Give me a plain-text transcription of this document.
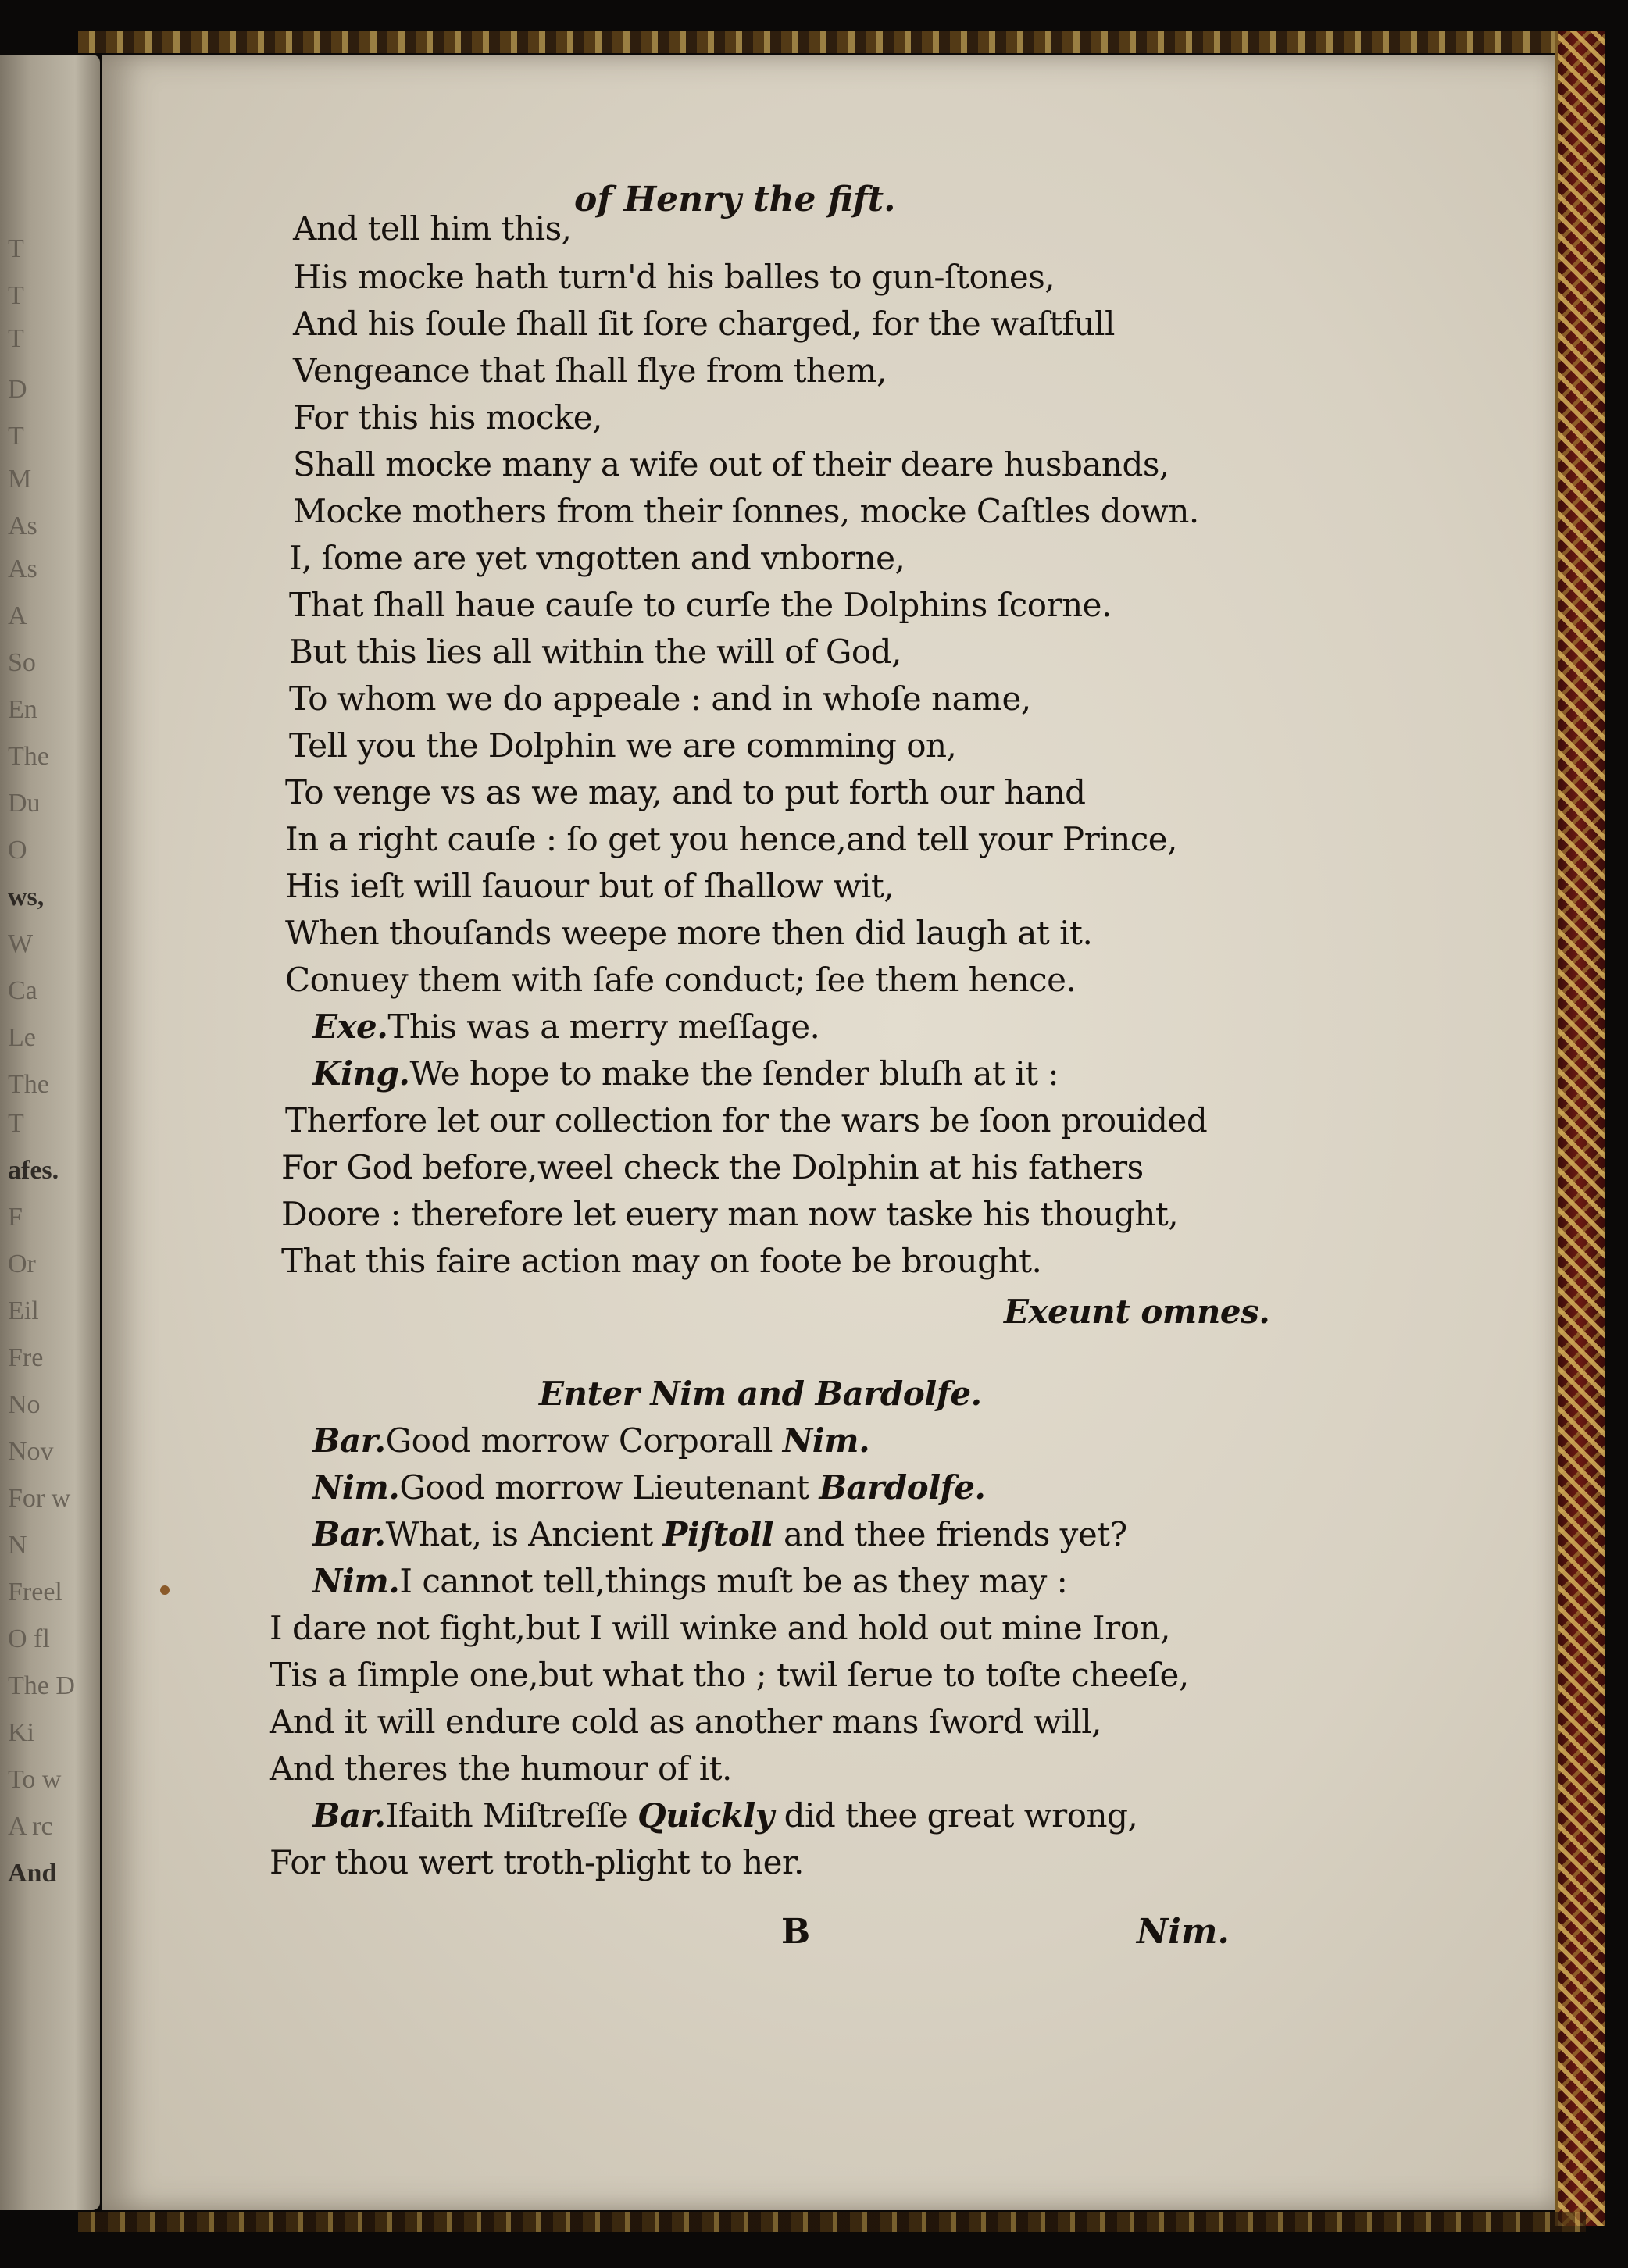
T
T
T
D
T
M
As
As
A
So
En
The
Du
O
ws,
W
Ca
Le
The
T
afes.
F
Or
Eil
Fre
No
Nov
For w
N
Freel
O fl
The D
Ki
To w
A rc
And
of Henry the fift.
And tell him this,
His mocke hath turn'd his balles to gun-ſtones,
And his ſoule ſhall ſit ſore charged, for the waſtfull
Vengeance that ſhall flye from them,
For this his mocke,
Shall mocke many a wife out of their deare husbands,
Mocke mothers from their ſonnes, mocke Caſtles down.
I, ſome are yet vngotten and vnborne,
That ſhall haue cauſe to curſe the Dolphins ſcorne.
But this lies all within the will of God,
To whom we do appeale : and in whoſe name,
Tell you the Dolphin we are comming on,
To venge vs as we may, and to put forth our hand
In a right cauſe : ſo get you hence,and tell your Prince,
His ieſt will ſauour but of ſhallow wit,
When thouſands weepe more then did laugh at it.
Conuey them with ſafe conduct; ſee them hence.
Exe.This was a merry meſſage.
King.We hope to make the ſender bluſh at it :
Therfore let our collection for the wars be ſoon prouided
For God before,weel check the Dolphin at his fathers
Doore : therefore let euery man now taske his thought,
That this faire action may on foote be brought.
Exeunt omnes.
Enter Nim and Bardolfe.
Bar.Good morrow Corporall Nim.
Nim.Good morrow Lieutenant Bardolfe.
Bar.What, is Ancient Piſtoll and thee friends yet?
Nim.I cannot tell,things muſt be as they may :
I dare not fight,but I will winke and hold out mine Iron,
Tis a ſimple one,but what tho ; twil ſerue to toſte cheeſe,
And it will endure cold as another mans ſword will,
And theres the humour of it.
Bar.Ifaith Miſtreſſe Quickly did thee great wrong,
For thou wert troth-plight to her.
B	Nim.
